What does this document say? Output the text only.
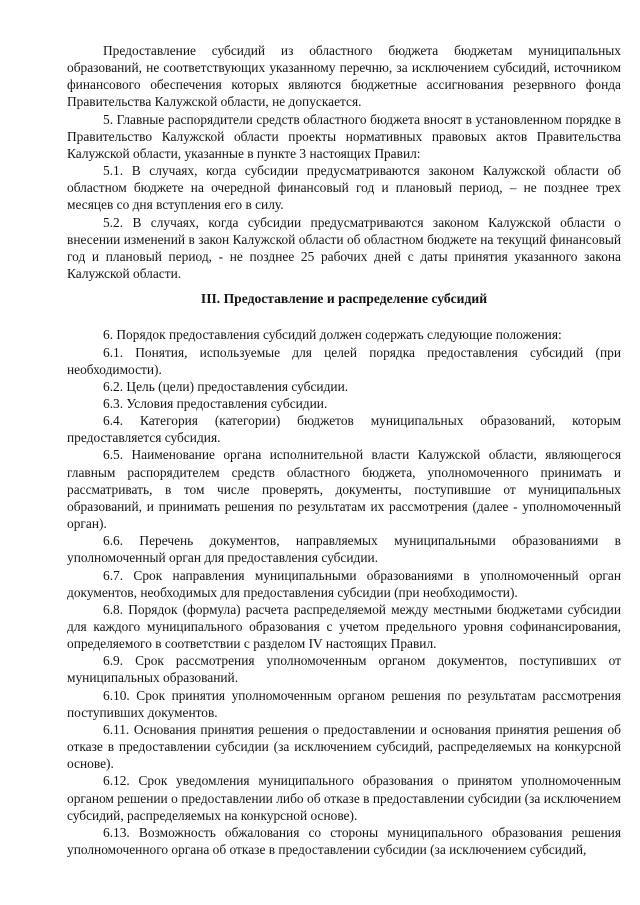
Предоставление субсидий из областного бюджета бюджетам муниципальных образований, не соответствующих указанному перечню, за исключением субсидий, источником финансового обеспечения которых являются бюджетные ассигнования резервного фонда Правительства Калужской области, не допускается.

5. Главные распорядители средств областного бюджета вносят в установленном порядке в Правительство Калужской области проекты нормативных правовых актов Правительства Калужской области, указанные в пункте 3 настоящих Правил:

5.1. В случаях, когда субсидии предусматриваются законом Калужской области об областном бюджете на очередной финансовый год и плановый период, – не позднее трех месяцев со дня вступления его в силу.

5.2. В случаях, когда субсидии предусматриваются законом Калужской области о внесении изменений в закон Калужской области об областном бюджете на текущий финансовый год и плановый период, - не позднее 25 рабочих дней с даты принятия указанного закона Калужской области.

III. Предоставление и распределение субсидий

6. Порядок предоставления субсидий должен содержать следующие положения:

6.1. Понятия, используемые для целей порядка предоставления субсидий (при необходимости).

6.2. Цель (цели) предоставления субсидии.

6.3. Условия предоставления субсидии.

6.4. Категория (категории) бюджетов муниципальных образований, которым предоставляется субсидия.

6.5. Наименование органа исполнительной власти Калужской области, являющегося главным распорядителем средств областного бюджета, уполномоченного принимать и рассматривать, в том числе проверять, документы, поступившие от муниципальных образований, и принимать решения по результатам их рассмотрения (далее - уполномоченный орган).

6.6. Перечень документов, направляемых муниципальными образованиями в уполномоченный орган для предоставления субсидии.

6.7. Срок направления муниципальными образованиями в уполномоченный орган документов, необходимых для предоставления субсидии (при необходимости).

6.8. Порядок (формула) расчета распределяемой между местными бюджетами субсидии для каждого муниципального образования с учетом предельного уровня софинансирования, определяемого в соответствии с разделом IV настоящих Правил.

6.9. Срок рассмотрения уполномоченным органом документов, поступивших от муниципальных образований.

6.10. Срок принятия уполномоченным органом решения по результатам рассмотрения поступивших документов.

6.11. Основания принятия решения о предоставлении и основания принятия решения об отказе в предоставлении субсидии (за исключением субсидий, распределяемых на конкурсной основе).

6.12. Срок уведомления муниципального образования о принятом уполномоченным органом решении о предоставлении либо об отказе в предоставлении субсидии (за исключением субсидий, распределяемых на конкурсной основе).

6.13. Возможность обжалования со стороны муниципального образования решения уполномоченного органа об отказе в предоставлении субсидии (за исключением субсидий,
